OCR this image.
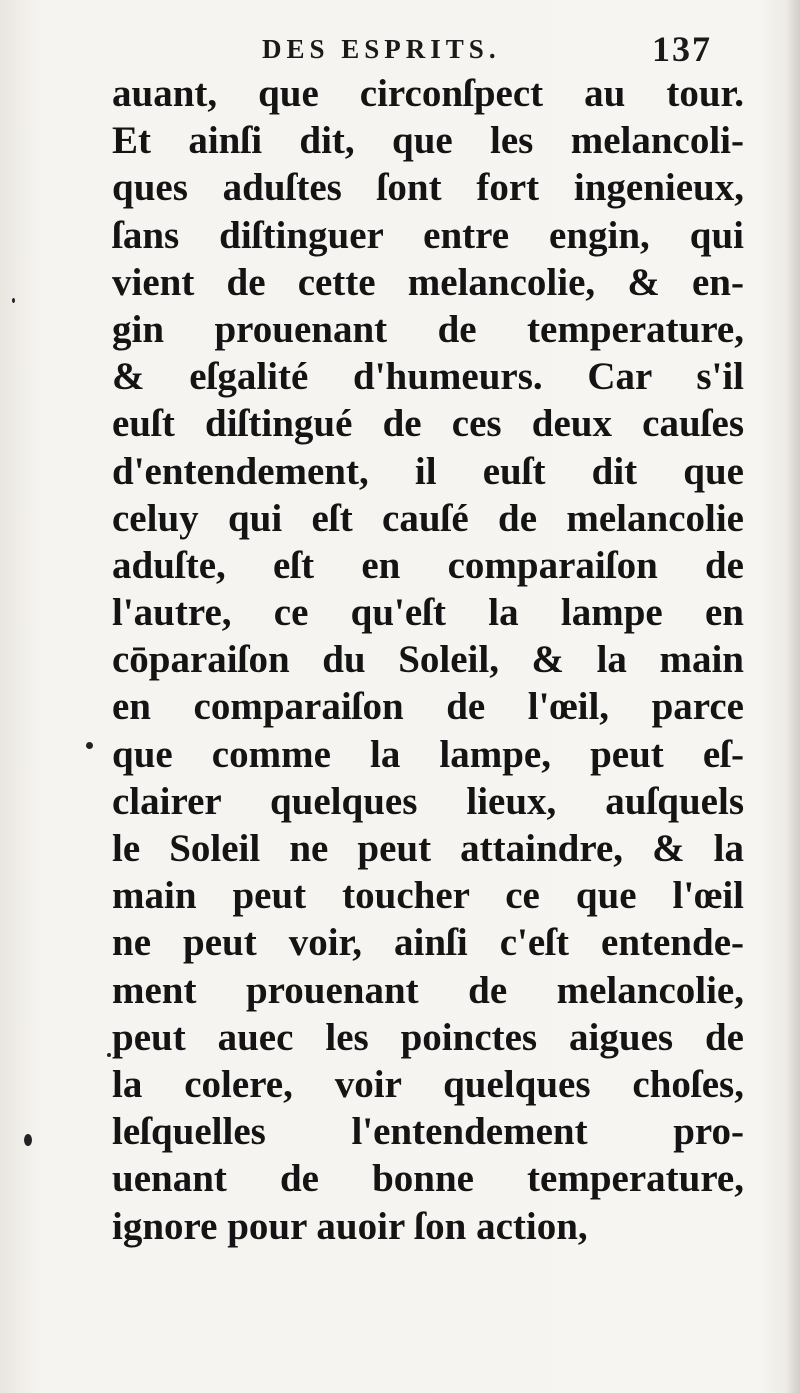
DES ESPRITS.	137
auant, que circonſpect au tour.
Et ainſi dit, que les melancoli-
ques aduſtes ſont fort ingenieux,
ſans diſtinguer entre engin, qui
vient de cette melancolie, & en-
gin prouenant de temperature,
& eſgalité d'humeurs. Car s'il
euſt diſtingué de ces deux cauſes
d'entendement, il euſt dit que
celuy qui eſt cauſé de melancolie
aduſte, eſt en comparaiſon de
l'autre, ce qu'eſt la lampe en
cōparaiſon du Soleil, & la main
en comparaiſon de l'œil, parce
que comme la lampe, peut eſ-
clairer quelques lieux, auſquels
le Soleil ne peut attaindre, & la
main peut toucher ce que l'œil
ne peut voir, ainſi c'eſt entende-
ment prouenant de melancolie,
peut auec les poinctes aigues de
la colere, voir quelques choſes,
leſquelles l'entendement pro-
uenant de bonne temperature,
ignore pour auoir ſon action,
